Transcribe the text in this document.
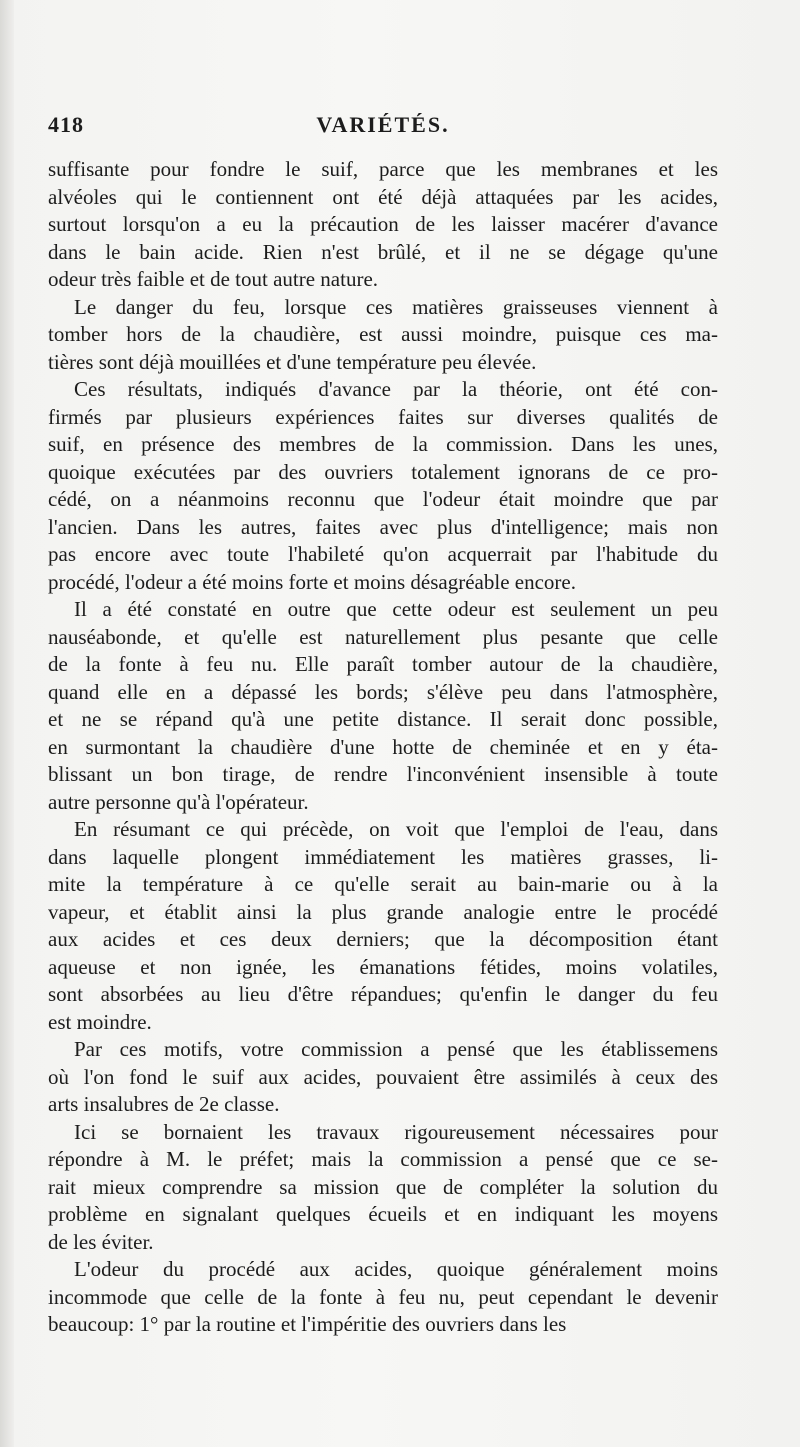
418	VARIÉTÉS.
suffisante pour fondre le suif, parce que les membranes et les
alvéoles qui le contiennent ont été déjà attaquées par les acides,
surtout lorsqu'on a eu la précaution de les laisser macérer d'avance
dans le bain acide. Rien n'est brûlé, et il ne se dégage qu'une
odeur très faible et de tout autre nature.
Le danger du feu, lorsque ces matières graisseuses viennent à
tomber hors de la chaudière, est aussi moindre, puisque ces ma-
tières sont déjà mouillées et d'une température peu élevée.
Ces résultats, indiqués d'avance par la théorie, ont été con-
firmés par plusieurs expériences faites sur diverses qualités de
suif, en présence des membres de la commission. Dans les unes,
quoique exécutées par des ouvriers totalement ignorans de ce pro-
cédé, on a néanmoins reconnu que l'odeur était moindre que par
l'ancien. Dans les autres, faites avec plus d'intelligence; mais non
pas encore avec toute l'habileté qu'on acquerrait par l'habitude du
procédé, l'odeur a été moins forte et moins désagréable encore.
Il a été constaté en outre que cette odeur est seulement un peu
nauséabonde, et qu'elle est naturellement plus pesante que celle
de la fonte à feu nu. Elle paraît tomber autour de la chaudière,
quand elle en a dépassé les bords; s'élève peu dans l'atmosphère,
et ne se répand qu'à une petite distance. Il serait donc possible,
en surmontant la chaudière d'une hotte de cheminée et en y éta-
blissant un bon tirage, de rendre l'inconvénient insensible à toute
autre personne qu'à l'opérateur.
En résumant ce qui précède, on voit que l'emploi de l'eau, dans
dans laquelle plongent immédiatement les matières grasses, li-
mite la température à ce qu'elle serait au bain-marie ou à la
vapeur, et établit ainsi la plus grande analogie entre le procédé
aux acides et ces deux derniers; que la décomposition étant
aqueuse et non ignée, les émanations fétides, moins volatiles,
sont absorbées au lieu d'être répandues; qu'enfin le danger du feu
est moindre.
Par ces motifs, votre commission a pensé que les établissemens
où l'on fond le suif aux acides, pouvaient être assimilés à ceux des
arts insalubres de 2e classe.
Ici se bornaient les travaux rigoureusement nécessaires pour
répondre à M. le préfet; mais la commission a pensé que ce se-
rait mieux comprendre sa mission que de compléter la solution du
problème en signalant quelques écueils et en indiquant les moyens
de les éviter.
L'odeur du procédé aux acides, quoique généralement moins
incommode que celle de la fonte à feu nu, peut cependant le devenir
beaucoup: 1° par la routine et l'impéritie des ouvriers dans les
